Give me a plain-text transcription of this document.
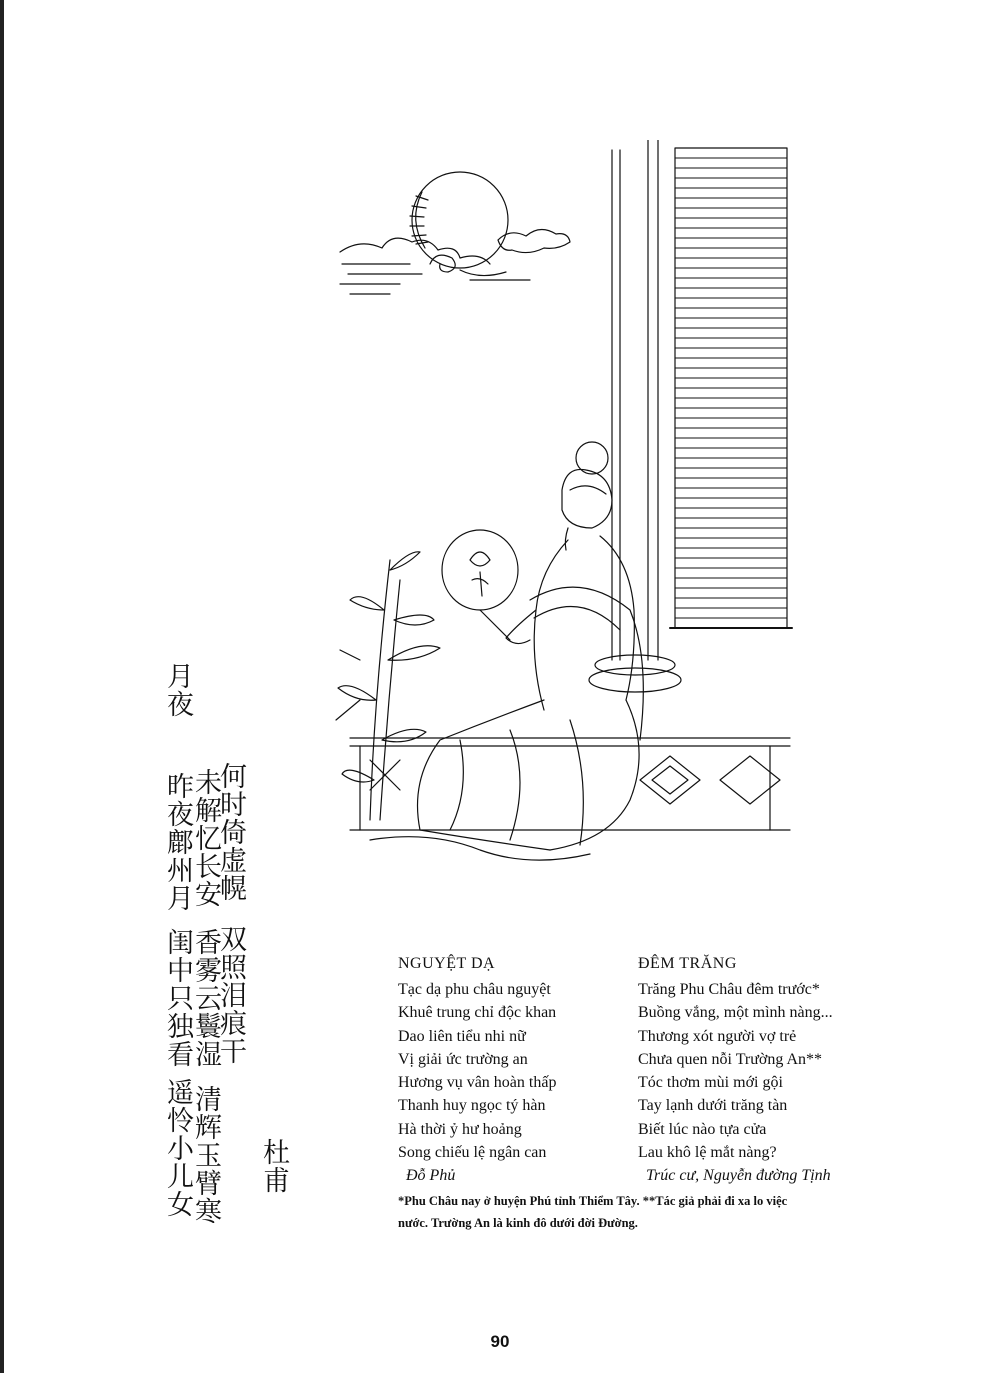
月夜
何时倚虚幌
未解忆长安
昨夜鄜州月
双照泪痕干
香雾云鬟湿
闺中只独看
清辉玉臂寒
遥怜小儿女 杜甫
NGUYỆT DẠ
Tạc dạ phu châu nguyệt
Khuê trung chỉ độc khan
Dao liên tiểu nhi nữ
Vị giải ức trường an
Hương vụ vân hoàn thấp
Thanh huy ngọc tý hàn
Hà thời ỷ hư hoảng
Song chiếu lệ ngân can
Đỗ Phủ
ĐÊM TRĂNG
Trăng Phu Châu đêm trước*
Buồng vắng, một mình nàng...
Thương xót người vợ trẻ
Chưa quen nỗi Trường An**
Tóc thơm mùi mới gội
Tay lạnh dưới trăng tàn
Biết lúc nào tựa cửa
Lau khô lệ mắt nàng?
Trúc cư, Nguyễn đường Tịnh
*Phu Châu nay ở huyện Phú tỉnh Thiểm Tây. **Tác giả phải đi xa lo việc
nước. Trường An là kinh đô dưới đời Đường.
90
